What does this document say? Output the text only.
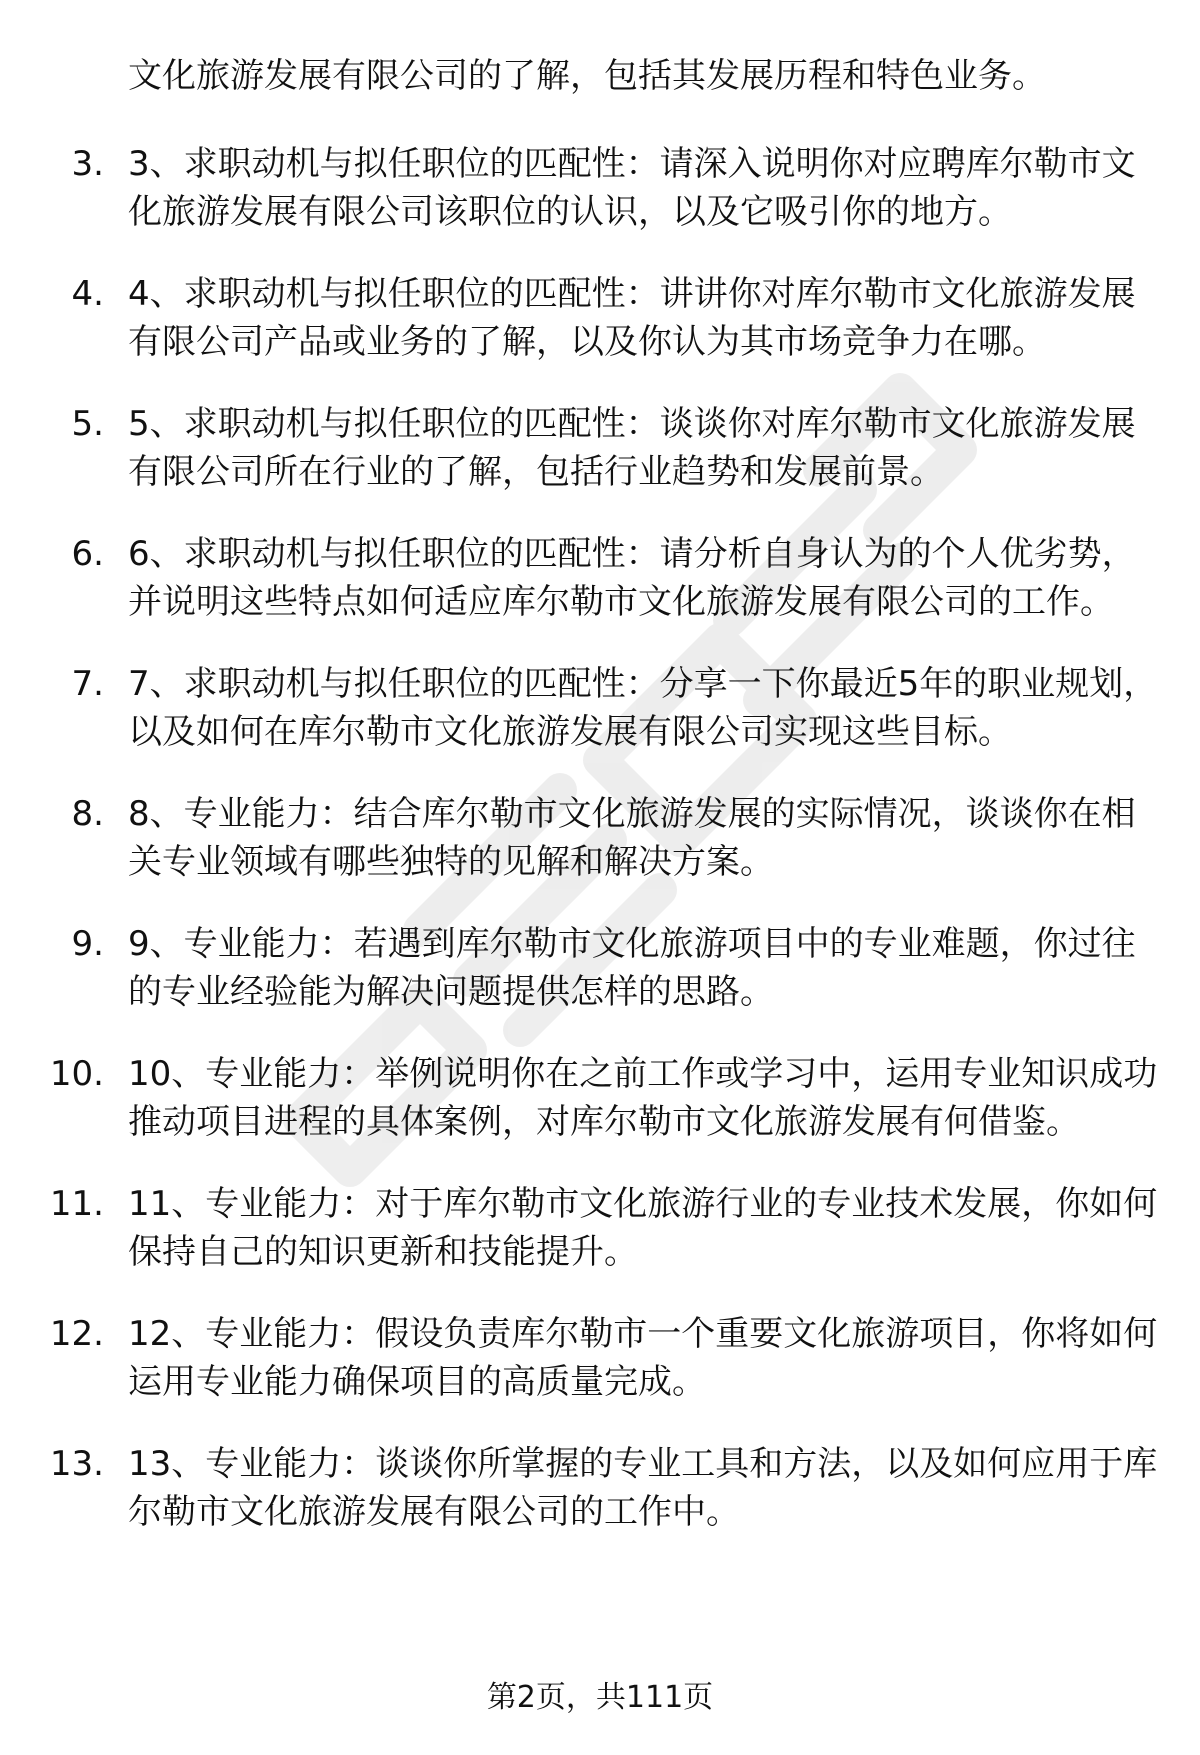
文化旅游发展有限公司的了解，包括其发展历程和特色业务。
3. 3、求职动机与拟任职位的匹配性：请深入说明你对应聘库尔勒市文化旅游发展有限公司该职位的认识，以及它吸引你的地方。
4. 4、求职动机与拟任职位的匹配性：讲讲你对库尔勒市文化旅游发展有限公司产品或业务的了解，以及你认为其市场竞争力在哪。
5. 5、求职动机与拟任职位的匹配性：谈谈你对库尔勒市文化旅游发展有限公司所在行业的了解，包括行业趋势和发展前景。
6. 6、求职动机与拟任职位的匹配性：请分析自身认为的个人优劣势，并说明这些特点如何适应库尔勒市文化旅游发展有限公司的工作。
7. 7、求职动机与拟任职位的匹配性：分享一下你最近5年的职业规划，以及如何在库尔勒市文化旅游发展有限公司实现这些目标。
8. 8、专业能力：结合库尔勒市文化旅游发展的实际情况，谈谈你在相关专业领域有哪些独特的见解和解决方案。
9. 9、专业能力：若遇到库尔勒市文化旅游项目中的专业难题，你过往的专业经验能为解决问题提供怎样的思路。
10. 10、专业能力：举例说明你在之前工作或学习中，运用专业知识成功推动项目进程的具体案例，对库尔勒市文化旅游发展有何借鉴。
11. 11、专业能力：对于库尔勒市文化旅游行业的专业技术发展，你如何保持自己的知识更新和技能提升。
12. 12、专业能力：假设负责库尔勒市一个重要文化旅游项目，你将如何运用专业能力确保项目的高质量完成。
13. 13、专业能力：谈谈你所掌握的专业工具和方法，以及如何应用于库尔勒市文化旅游发展有限公司的工作中。
第2页，共111页
